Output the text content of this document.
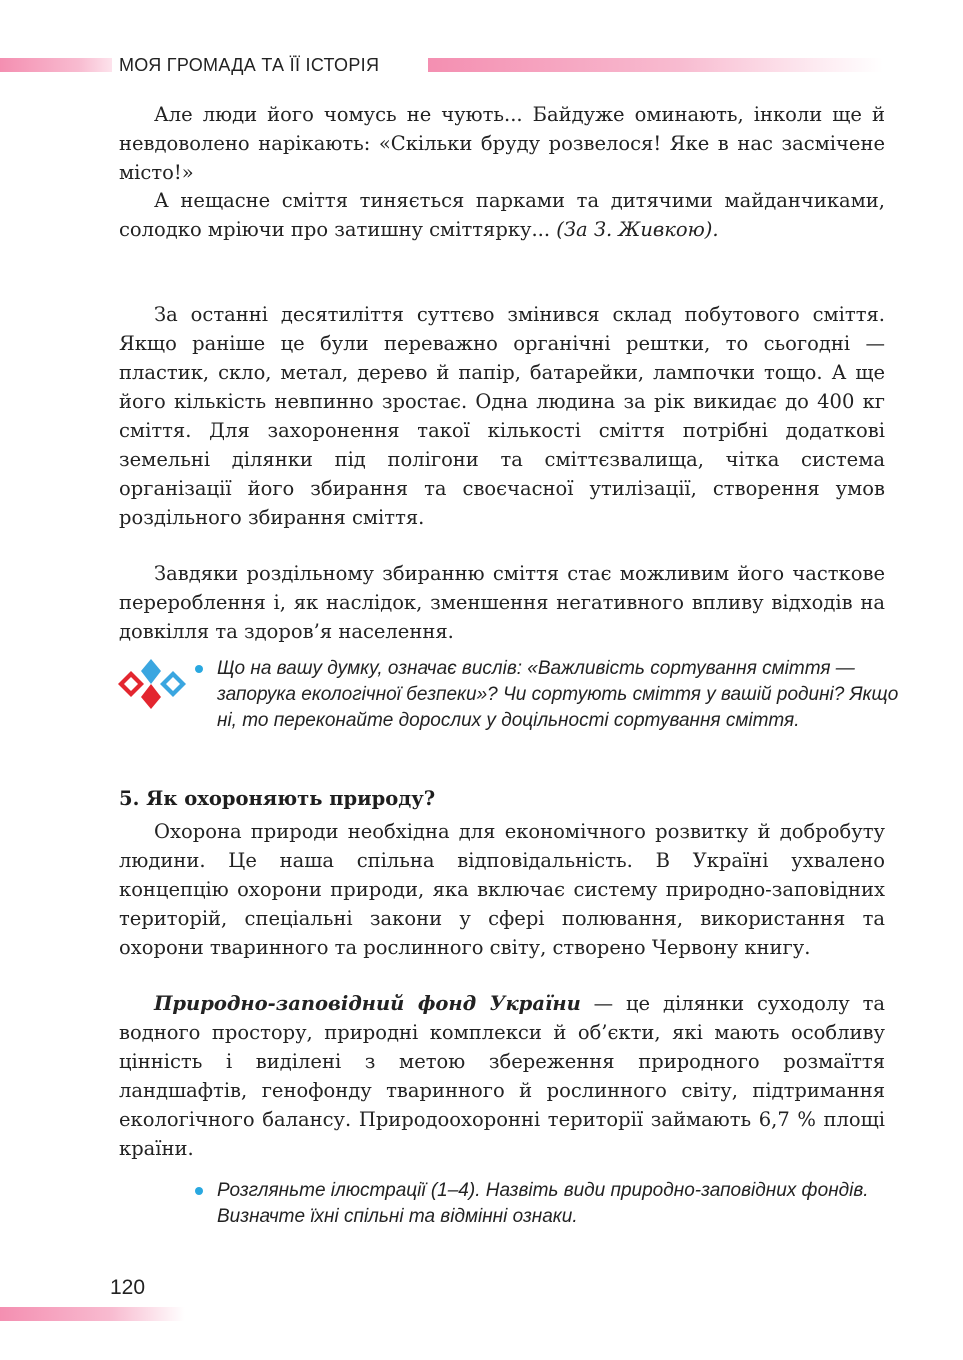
МОЯ ГРОМАДА ТА ЇЇ ІСТОРІЯ

Але люди його чомусь не чують... Байдуже оминають, інколи ще й невдоволено нарікають: «Скільки бруду розвелося! Яке в нас засмічене місто!»

А нещасне сміття тиняється парками та дитячими майданчиками, солодко мріючи про затишну сміттярку... (За З. Живкою).

За останні десятиліття суттєво змінився склад побутового сміття. Якщо раніше це були переважно органічні рештки, то сьогодні — пластик, скло, метал, дерево й папір, батарейки, лампочки тощо. А ще його кількість невпинно зростає. Одна людина за рік викидає до 400 кг сміття. Для захоронення такої кількості сміття потрібні додаткові земельні ділянки під полігони та сміттєзвалища, чітка система організації його збирання та своєчасної утилізації, створення умов роздільного збирання сміття.

Завдяки роздільному збиранню сміття стає можливим його часткове перероблення і, як наслідок, зменшення негативного впливу відходів на довкілля та здоров’я населення.

Що на вашу думку, означає вислів: «Важливість сортування сміття — запорука екологічної безпеки»? Чи сортують сміття у вашій родині? Якщо ні, то переконайте дорослих у доцільності сортування сміття.
5. Як охороняють природу?

Охорона природи необхідна для економічного розвитку й добробуту людини. Це наша спільна відповідальність. В Україні ухвалено концепцію охорони природи, яка включає систему природно-заповідних територій, спеціальні закони у сфері полювання, використання та охорони тваринного та рослинного світу, створено Червону книгу.

Природно-заповідний фонд України — це ділянки суходолу та водного простору, природні комплекси й об’єкти, які мають особливу цінність і виділені з метою збереження природного розмаїття ландшафтів, генофонду тваринного й рослинного світу, підтримання екологічного балансу. Природоохоронні території займають 6,7 % площі країни.

Розгляньте ілюстрації (1–4). Назвіть види природно-заповідних фондів. Визначте їхні спільні та відмінні ознаки.
120
